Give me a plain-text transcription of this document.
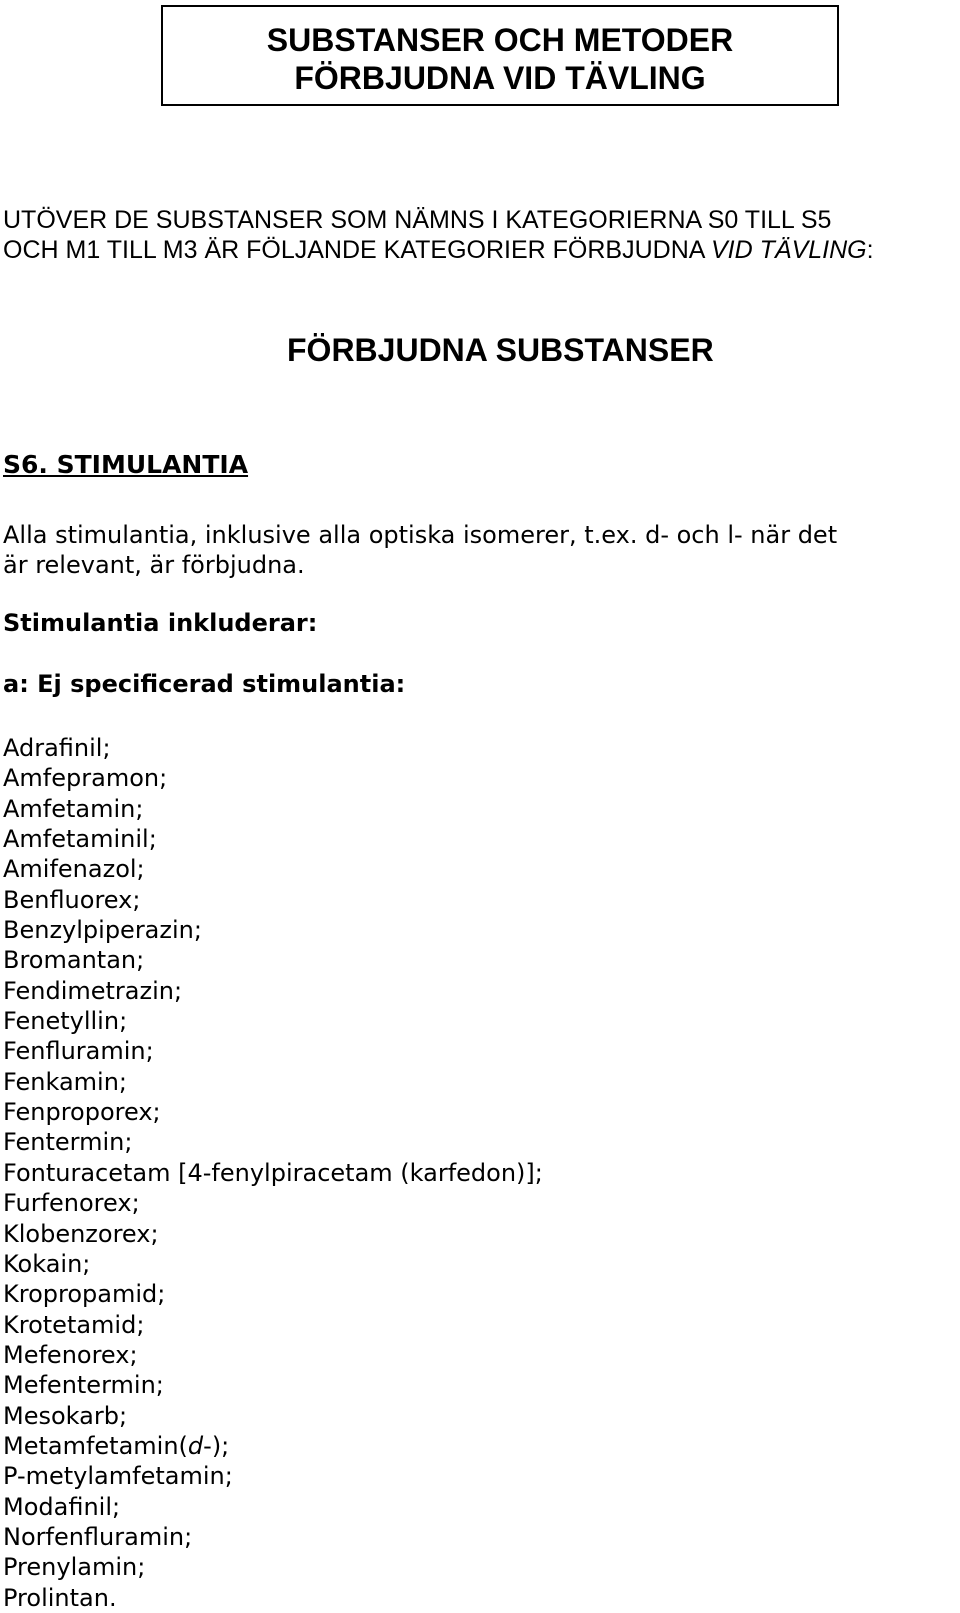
SUBSTANSER OCH METODER
FÖRBJUDNA VID TÄVLING
UTÖVER DE SUBSTANSER SOM NÄMNS I KATEGORIERNA S0 TILL S5
OCH M1 TILL M3 ÄR FÖLJANDE KATEGORIER FÖRBJUDNA VID TÄVLING:
FÖRBJUDNA SUBSTANSER
S6. STIMULANTIA
Alla stimulantia, inklusive alla optiska isomerer, t.ex. d- och l- när det
är relevant, är förbjudna.
Stimulantia inkluderar:
a: Ej specificerad stimulantia:
Adrafinil;
Amfepramon;
Amfetamin;
Amfetaminil;
Amifenazol;
Benfluorex;
Benzylpiperazin;
Bromantan;
Fendimetrazin;
Fenetyllin;
Fenfluramin;
Fenkamin;
Fenproporex;
Fentermin;
Fonturacetam [4-fenylpiracetam (karfedon)];
Furfenorex;
Klobenzorex;
Kokain;
Kropropamid;
Krotetamid;
Mefenorex;
Mefentermin;
Mesokarb;
Metamfetamin(d-);
P-metylamfetamin;
Modafinil;
Norfenfluramin;
Prenylamin;
Prolintan.
